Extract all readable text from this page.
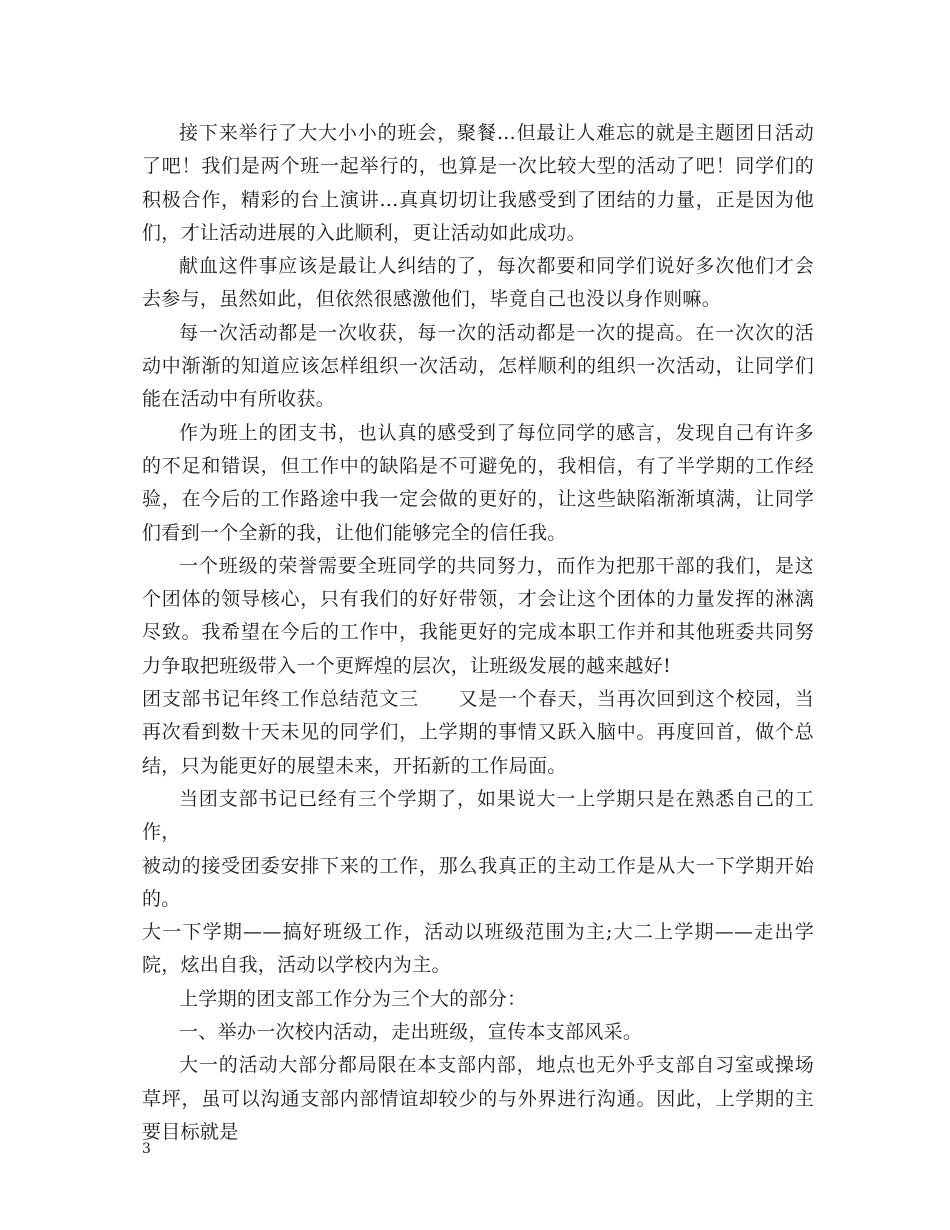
接下来举行了大大小小的班会，聚餐…但最让人难忘的就是主题团日活动了吧！我们是两个班一起举行的，也算是一次比较大型的活动了吧！同学们的积极合作，精彩的台上演讲…真真切切让我感受到了团结的力量，正是因为他们，才让活动进展的入此顺利，更让活动如此成功。

献血这件事应该是最让人纠结的了，每次都要和同学们说好多次他们才会去参与，虽然如此，但依然很感激他们，毕竟自己也没以身作则嘛。

每一次活动都是一次收获，每一次的活动都是一次的提高。在一次次的活动中渐渐的知道应该怎样组织一次活动，怎样顺利的组织一次活动，让同学们能在活动中有所收获。

作为班上的团支书，也认真的感受到了每位同学的感言，发现自己有许多的不足和错误，但工作中的缺陷是不可避免的，我相信，有了半学期的工作经验，在今后的工作路途中我一定会做的更好的，让这些缺陷渐渐填满，让同学们看到一个全新的我，让他们能够完全的信任我。

一个班级的荣誉需要全班同学的共同努力，而作为把那干部的我们，是这个团体的领导核心，只有我们的好好带领，才会让这个团体的力量发挥的淋漓尽致。我希望在今后的工作中，我能更好的完成本职工作并和其他班委共同努力争取把班级带入一个更辉煌的层次，让班级发展的越来越好!

团支部书记年终工作总结范文三　　又是一个春天，当再次回到这个校园，当再次看到数十天未见的同学们，上学期的事情又跃入脑中。再度回首，做个总结，只为能更好的展望未来，开拓新的工作局面。

当团支部书记已经有三个学期了，如果说大一上学期只是在熟悉自己的工作，

被动的接受团委安排下来的工作，那么我真正的主动工作是从大一下学期开始的。

大一下学期——搞好班级工作，活动以班级范围为主;大二上学期——走出学院，炫出自我，活动以学校内为主。

上学期的团支部工作分为三个大的部分：

一、举办一次校内活动，走出班级，宣传本支部风采。

大一的活动大部分都局限在本支部内部，地点也无外乎支部自习室或操场草坪，虽可以沟通支部内部情谊却较少的与外界进行沟通。因此，上学期的主要目标就是

3
